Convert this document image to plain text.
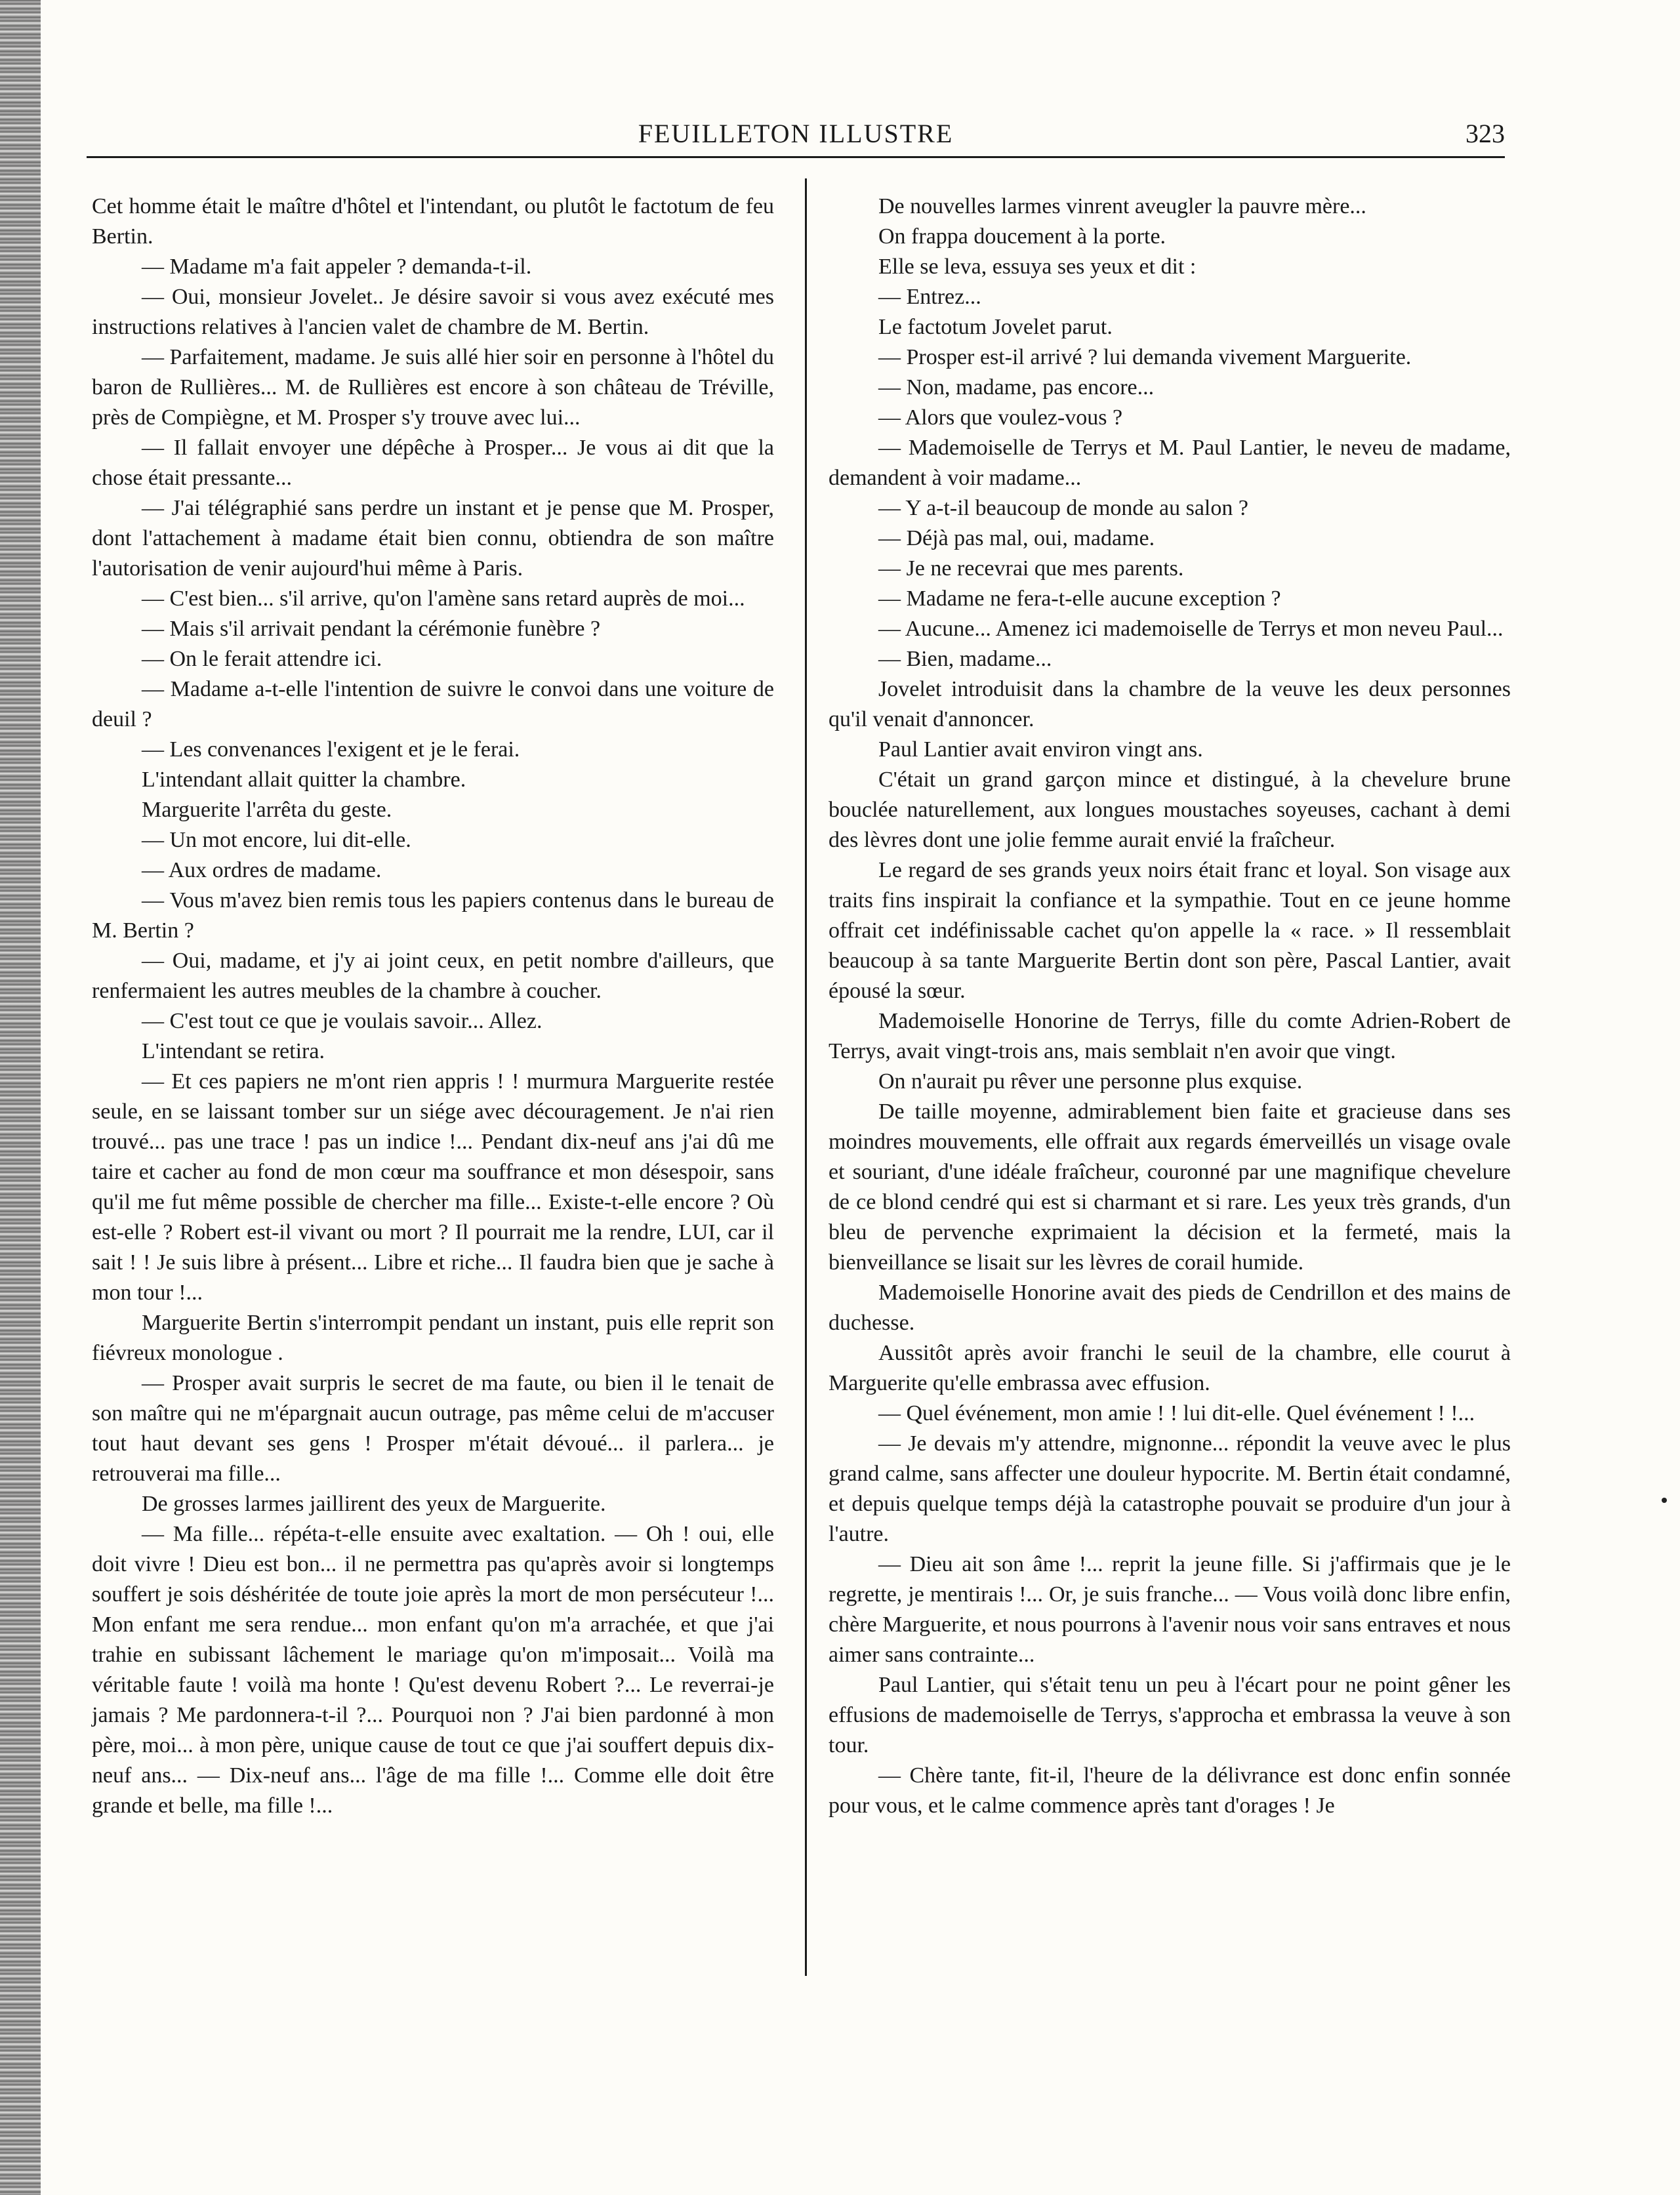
FEUILLETON ILLUSTRE	323

Cet homme était le maître d'hôtel et l'intendant, ou plutôt le factotum de feu Bertin.

— Madame m'a fait appeler ? demanda-t-il.

— Oui, monsieur Jovelet.. Je désire savoir si vous avez exécuté mes instructions relatives à l'ancien valet de chambre de M. Bertin.

— Parfaitement, madame. Je suis allé hier soir en personne à l'hôtel du baron de Rullières... M. de Rullières est encore à son château de Tréville, près de Compiègne, et M. Prosper s'y trouve avec lui...

— Il fallait envoyer une dépêche à Prosper... Je vous ai dit que la chose était pressante...

— J'ai télégraphié sans perdre un instant et je pense que M. Prosper, dont l'attachement à madame était bien connu, obtiendra de son maître l'autorisation de venir aujourd'hui même à Paris.

— C'est bien... s'il arrive, qu'on l'amène sans retard auprès de moi...

— Mais s'il arrivait pendant la cérémonie funèbre ?

— On le ferait attendre ici.

— Madame a-t-elle l'intention de suivre le convoi dans une voiture de deuil ?

— Les convenances l'exigent et je le ferai.

L'intendant allait quitter la chambre.

Marguerite l'arrêta du geste.

— Un mot encore, lui dit-elle.

— Aux ordres de madame.

— Vous m'avez bien remis tous les papiers contenus dans le bureau de M. Bertin ?

— Oui, madame, et j'y ai joint ceux, en petit nombre d'ailleurs, que renfermaient les autres meubles de la chambre à coucher.

— C'est tout ce que je voulais savoir... Allez.

L'intendant se retira.

— Et ces papiers ne m'ont rien appris ! ! murmura Marguerite restée seule, en se laissant tomber sur un siége avec découragement. Je n'ai rien trouvé... pas une trace ! pas un indice !... Pendant dix-neuf ans j'ai dû me taire et cacher au fond de mon cœur ma souffrance et mon désespoir, sans qu'il me fut même possible de chercher ma fille... Existe-t-elle encore ? Où est-elle ? Robert est-il vivant ou mort ? Il pourrait me la rendre, LUI, car il sait ! ! Je suis libre à présent... Libre et riche... Il faudra bien que je sache à mon tour !...

Marguerite Bertin s'interrompit pendant un instant, puis elle reprit son fiévreux monologue .

— Prosper avait surpris le secret de ma faute, ou bien il le tenait de son maître qui ne m'épargnait aucun outrage, pas même celui de m'accuser tout haut devant ses gens ! Prosper m'était dévoué... il parlera... je retrouverai ma fille...

De grosses larmes jaillirent des yeux de Marguerite.

— Ma fille... répéta-t-elle ensuite avec exaltation. — Oh ! oui, elle doit vivre ! Dieu est bon... il ne permettra pas qu'après avoir si longtemps souffert je sois déshéritée de toute joie après la mort de mon persécuteur !... Mon enfant me sera rendue... mon enfant qu'on m'a arrachée, et que j'ai trahie en subissant lâchement le mariage qu'on m'imposait... Voilà ma véritable faute ! voilà ma honte ! Qu'est devenu Robert ?... Le reverrai-je jamais ? Me pardonnera-t-il ?... Pourquoi non ? J'ai bien pardonné à mon père, moi... à mon père, unique cause de tout ce que j'ai souffert depuis dix-neuf ans... — Dix-neuf ans... l'âge de ma fille !... Comme elle doit être grande et belle, ma fille !...

De nouvelles larmes vinrent aveugler la pauvre mère...

On frappa doucement à la porte.

Elle se leva, essuya ses yeux et dit :

— Entrez...

Le factotum Jovelet parut.

— Prosper est-il arrivé ? lui demanda vivement Marguerite.

— Non, madame, pas encore...

— Alors que voulez-vous ?

— Mademoiselle de Terrys et M. Paul Lantier, le neveu de madame, demandent à voir madame...

— Y a-t-il beaucoup de monde au salon ?

— Déjà pas mal, oui, madame.

— Je ne recevrai que mes parents.

— Madame ne fera-t-elle aucune exception ?

— Aucune... Amenez ici mademoiselle de Terrys et mon neveu Paul...

— Bien, madame...

Jovelet introduisit dans la chambre de la veuve les deux personnes qu'il venait d'annoncer.

Paul Lantier avait environ vingt ans.

C'était un grand garçon mince et distingué, à la chevelure brune bouclée naturellement, aux longues moustaches soyeuses, cachant à demi des lèvres dont une jolie femme aurait envié la fraîcheur.

Le regard de ses grands yeux noirs était franc et loyal. Son visage aux traits fins inspirait la confiance et la sympathie. Tout en ce jeune homme offrait cet indéfinissable cachet qu'on appelle la « race. » Il ressemblait beaucoup à sa tante Marguerite Bertin dont son père, Pascal Lantier, avait épousé la sœur.

Mademoiselle Honorine de Terrys, fille du comte Adrien-Robert de Terrys, avait vingt-trois ans, mais semblait n'en avoir que vingt.

On n'aurait pu rêver une personne plus exquise.

De taille moyenne, admirablement bien faite et gracieuse dans ses moindres mouvements, elle offrait aux regards émerveillés un visage ovale et souriant, d'une idéale fraîcheur, couronné par une magnifique chevelure de ce blond cendré qui est si charmant et si rare. Les yeux très grands, d'un bleu de pervenche exprimaient la décision et la fermeté, mais la bienveillance se lisait sur les lèvres de corail humide.

Mademoiselle Honorine avait des pieds de Cendrillon et des mains de duchesse.

Aussitôt après avoir franchi le seuil de la chambre, elle courut à Marguerite qu'elle embrassa avec effusion.

— Quel événement, mon amie ! ! lui dit-elle. Quel événement ! !...

— Je devais m'y attendre, mignonne... répondit la veuve avec le plus grand calme, sans affecter une douleur hypocrite. M. Bertin était condamné, et depuis quelque temps déjà la catastrophe pouvait se produire d'un jour à l'autre.

— Dieu ait son âme !... reprit la jeune fille. Si j'affirmais que je le regrette, je mentirais !... Or, je suis franche... — Vous voilà donc libre enfin, chère Marguerite, et nous pourrons à l'avenir nous voir sans entraves et nous aimer sans contrainte...

Paul Lantier, qui s'était tenu un peu à l'écart pour ne point gêner les effusions de mademoiselle de Terrys, s'approcha et embrassa la veuve à son tour.

— Chère tante, fit-il, l'heure de la délivrance est donc enfin sonnée pour vous, et le calme commence après tant d'orages ! Je
